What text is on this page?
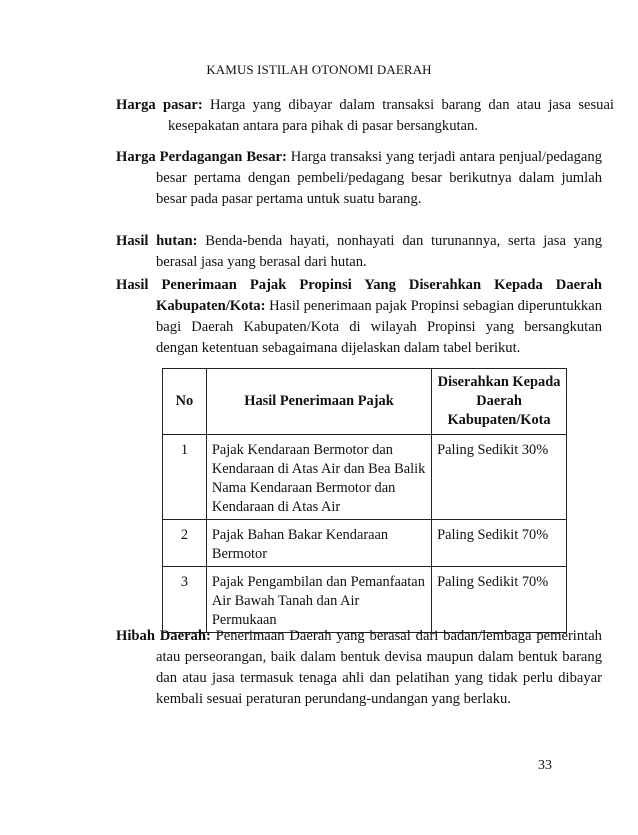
KAMUS ISTILAH OTONOMI DAERAH
Harga pasar: Harga yang dibayar dalam transaksi barang dan atau jasa sesuai kesepakatan antara para pihak di pasar bersangkutan.
Harga Perdagangan Besar: Harga transaksi yang terjadi antara penjual/pedagang besar pertama dengan pembeli/pedagang besar berikutnya dalam jumlah besar pada pasar pertama untuk suatu barang.
Hasil hutan: Benda-benda hayati, nonhayati dan turunannya, serta jasa yang berasal jasa yang berasal dari hutan.
Hasil Penerimaan Pajak Propinsi Yang Diserahkan Kepada Daerah Kabupaten/Kota: Hasil penerimaan pajak Propinsi sebagian diperuntukkan bagi Daerah Kabupaten/Kota di wilayah Propinsi yang bersangkutan dengan ketentuan sebagaimana dijelaskan dalam tabel berikut.
No	Hasil Penerimaan Pajak	Diserahkan Kepada Daerah Kabupaten/Kota
1	Pajak Kendaraan Bermotor dan Kendaraan di Atas Air dan Bea Balik Nama Kendaraan Bermotor dan Kendaraan di Atas Air	Paling Sedikit 30%
2	Pajak Bahan Bakar Kendaraan Bermotor	Paling Sedikit 70%
3	Pajak Pengambilan dan Pemanfaatan Air Bawah Tanah dan Air Permukaan	Paling Sedikit 70%
Hibah Daerah: Penerimaan Daerah yang berasal dari badan/lembaga pemerintah atau perseorangan, baik dalam bentuk devisa maupun dalam bentuk barang dan atau jasa termasuk tenaga ahli dan pelatihan yang tidak perlu dibayar kembali sesuai peraturan perundang-undangan yang berlaku.
33
